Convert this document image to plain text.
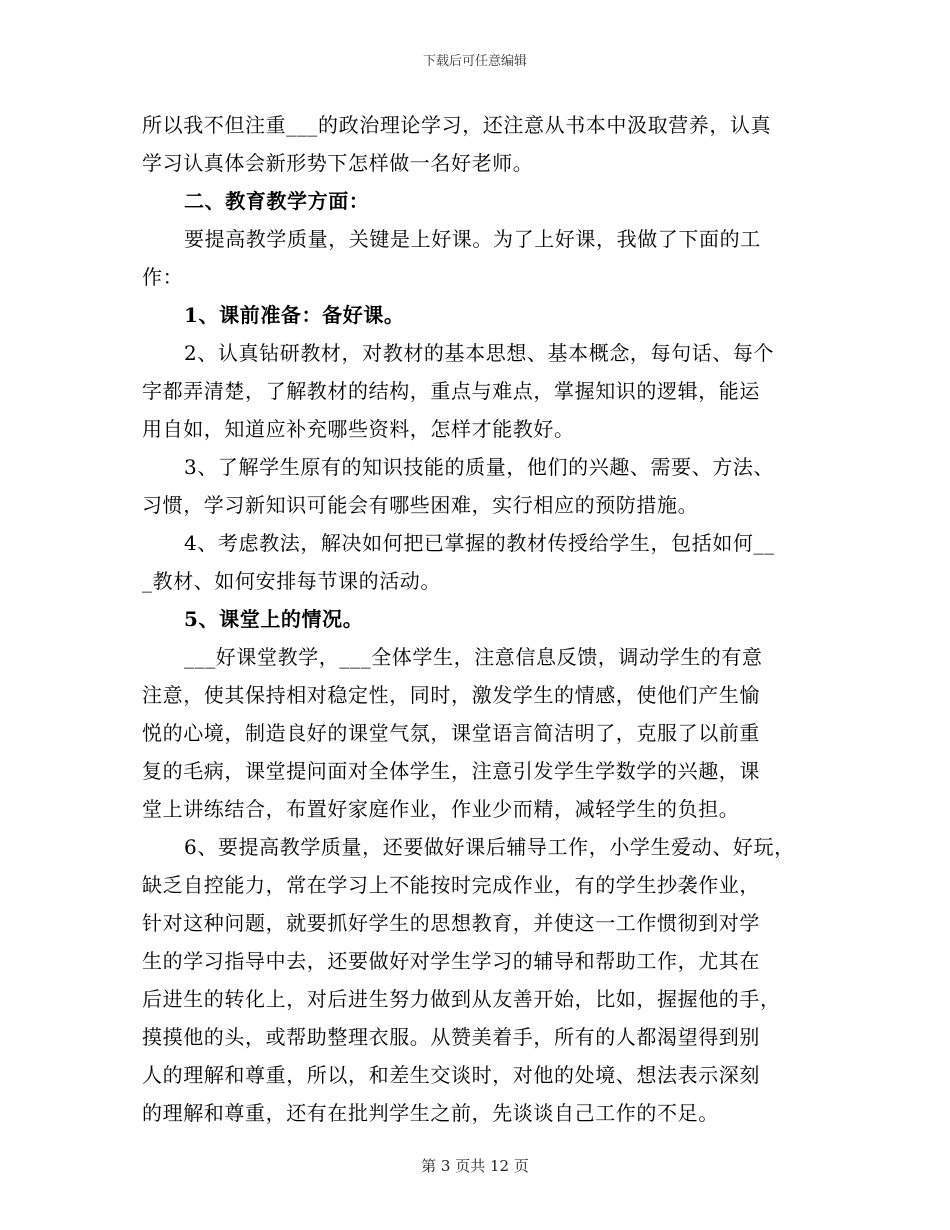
下载后可任意编辑
所以我不但注重___的政治理论学习，还注意从书本中汲取营养，认真
学习认真体会新形势下怎样做一名好老师。
二、教育教学方面：
要提高教学质量，关键是上好课。为了上好课，我做了下面的工
作：
1、课前准备：备好课。
2、认真钻研教材，对教材的基本思想、基本概念，每句话、每个
字都弄清楚，了解教材的结构，重点与难点，掌握知识的逻辑，能运
用自如，知道应补充哪些资料，怎样才能教好。
3、了解学生原有的知识技能的质量，他们的兴趣、需要、方法、
习惯，学习新知识可能会有哪些困难，实行相应的预防措施。
4、考虑教法，解决如何把已掌握的教材传授给学生，包括如何__
_教材、如何安排每节课的活动。
5、课堂上的情况。
___好课堂教学，___全体学生，注意信息反馈，调动学生的有意
注意，使其保持相对稳定性，同时，激发学生的情感，使他们产生愉
悦的心境，制造良好的课堂气氛，课堂语言简洁明了，克服了以前重
复的毛病，课堂提问面对全体学生，注意引发学生学数学的兴趣，课
堂上讲练结合，布置好家庭作业，作业少而精，减轻学生的负担。
6、要提高教学质量，还要做好课后辅导工作，小学生爱动、好玩，
缺乏自控能力，常在学习上不能按时完成作业，有的学生抄袭作业，
针对这种问题，就要抓好学生的思想教育，并使这一工作惯彻到对学
生的学习指导中去，还要做好对学生学习的辅导和帮助工作，尤其在
后进生的转化上，对后进生努力做到从友善开始，比如，握握他的手，
摸摸他的头，或帮助整理衣服。从赞美着手，所有的人都渴望得到别
人的理解和尊重，所以，和差生交谈时，对他的处境、想法表示深刻
的理解和尊重，还有在批判学生之前，先谈谈自己工作的不足。
第 3 页共 12 页
